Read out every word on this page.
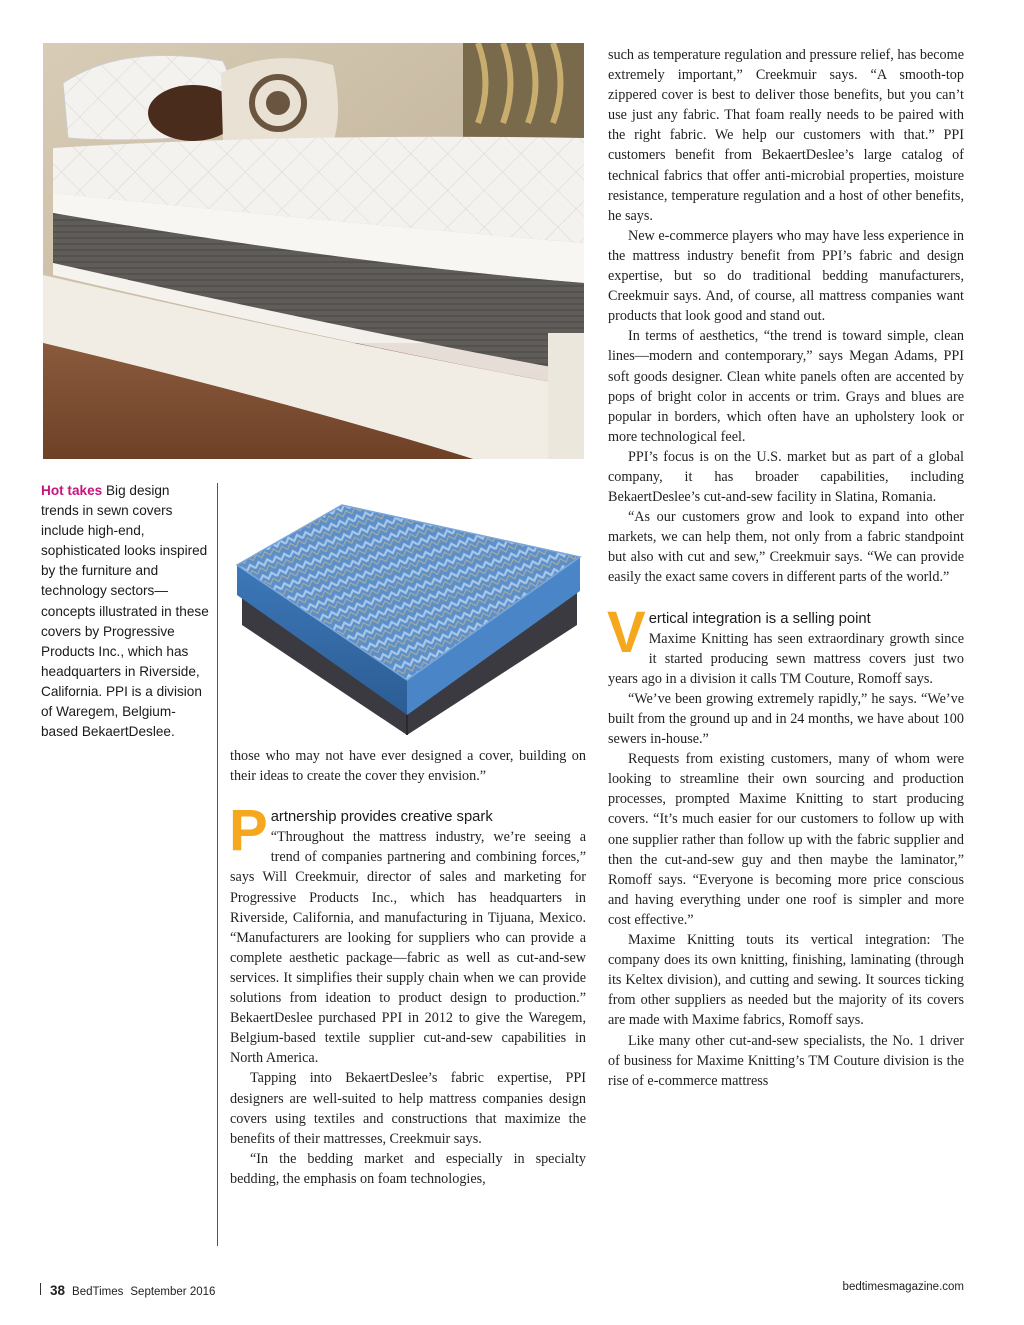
Hot takes Big design trends in sewn covers include high-end, sophisticated looks inspired by the furniture and technology sectors—concepts illustrated in these covers by Progressive Products Inc., which has headquarters in Riverside, California. PPI is a division of Waregem, Belgium-based BekaertDeslee.

those who may not have ever designed a cover, building on their ideas to create the cover they envision.”

P artnership provides creative spark

“Throughout the mattress industry, we’re seeing a trend of companies partnering and combining forces,” says Will Creekmuir, director of sales and marketing for Progressive Products Inc., which has headquarters in Riverside, California, and manufacturing in Tijuana, Mexico. “Manufacturers are looking for suppliers who can provide a complete aesthetic package—fabric as well as cut-and-sew services. It simplifies their supply chain when we can provide solutions from ideation to product design to production.” BekaertDeslee purchased PPI in 2012 to give the Waregem, Belgium-based textile supplier cut-and-sew capabilities in North America.

Tapping into BekaertDeslee’s fabric expertise, PPI designers are well-suited to help mattress companies design covers using textiles and constructions that maximize the benefits of their mattresses, Creekmuir says.

“In the bedding market and especially in specialty bedding, the emphasis on foam technologies,

such as temperature regulation and pressure relief, has become extremely important,” Creekmuir says. “A smooth-top zippered cover is best to deliver those benefits, but you can’t use just any fabric. That foam really needs to be paired with the right fabric. We help our customers with that.” PPI customers benefit from BekaertDeslee’s large catalog of technical fabrics that offer anti-microbial properties, moisture resistance, temperature regulation and a host of other benefits, he says.

New e-commerce players who may have less experience in the mattress industry benefit from PPI’s fabric and design expertise, but so do traditional bedding manufacturers, Creekmuir says. And, of course, all mattress companies want products that look good and stand out.

In terms of aesthetics, “the trend is toward simple, clean lines—modern and contemporary,” says Megan Adams, PPI soft goods designer. Clean white panels often are accented by pops of bright color in accents or trim. Grays and blues are popular in borders, which often have an upholstery look or more technological feel.

PPI’s focus is on the U.S. market but as part of a global company, it has broader capabilities, including BekaertDeslee’s cut-and-sew facility in Slatina, Romania.

“As our customers grow and look to expand into other markets, we can help them, not only from a fabric standpoint but also with cut and sew,” Creekmuir says. “We can provide easily the exact same covers in different parts of the world.”

V ertical integration is a selling point

Maxime Knitting has seen extraordinary growth since it started producing sewn mattress covers just two years ago in a division it calls TM Couture, Romoff says.

“We’ve been growing extremely rapidly,” he says. “We’ve built from the ground up and in 24 months, we have about 100 sewers in-house.”

Requests from existing customers, many of whom were looking to streamline their own sourcing and production processes, prompted Maxime Knitting to start producing covers. “It’s much easier for our customers to follow up with one supplier rather than follow up with the fabric supplier and then the cut-and-sew guy and then maybe the laminator,” Romoff says. “Everyone is becoming more price conscious and having everything under one roof is simpler and more cost effective.”

Maxime Knitting touts its vertical integration: The company does its own knitting, finishing, laminating (through its Keltex division), and cutting and sewing. It sources ticking from other suppliers as needed but the majority of its covers are made with Maxime fabrics, Romoff says.

Like many other cut-and-sew specialists, the No. 1 driver of business for Maxime Knitting’s TM Couture division is the rise of e-commerce mattress

38 BedTimes September 2016	bedtimesmagazine.com
